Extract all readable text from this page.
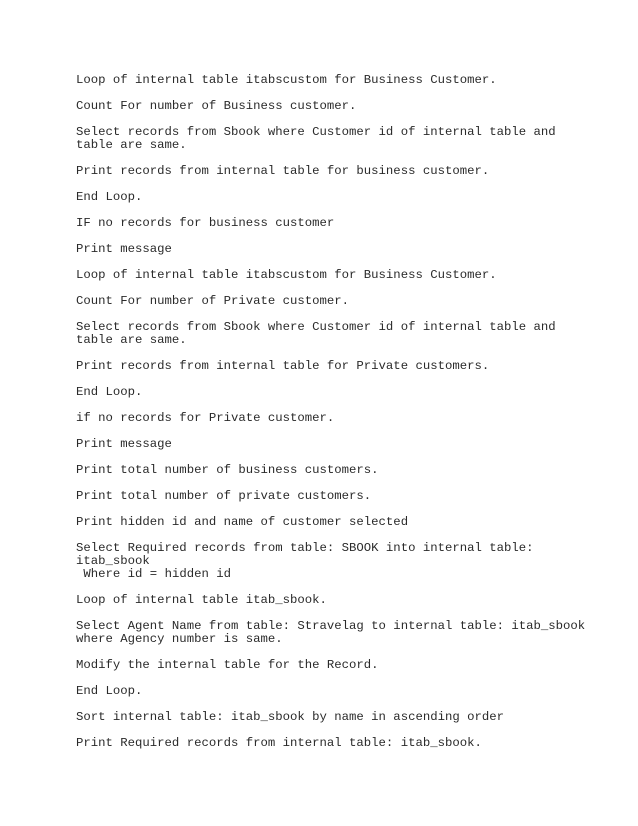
Loop of internal table itabscustom for Business Customer.

Count For number of Business customer.

Select records from Sbook where Customer id of internal table and
table are same.

Print records from internal table for business customer.

End Loop.

IF no records for business customer

Print message

Loop of internal table itabscustom for Business Customer.

Count For number of Private customer.

Select records from Sbook where Customer id of internal table and
table are same.

Print records from internal table for Private customers.

End Loop.

if no records for Private customer.

Print message

Print total number of business customers.

Print total number of private customers.

Print hidden id and name of customer selected

Select Required records from table: SBOOK into internal table:
itab_sbook
Where id = hidden id

Loop of internal table itab_sbook.

Select Agent Name from table: Stravelag to internal table: itab_sbook
where Agency number is same.

Modify the internal table for the Record.

End Loop.

Sort internal table: itab_sbook by name in ascending order

Print Required records from internal table: itab_sbook.
